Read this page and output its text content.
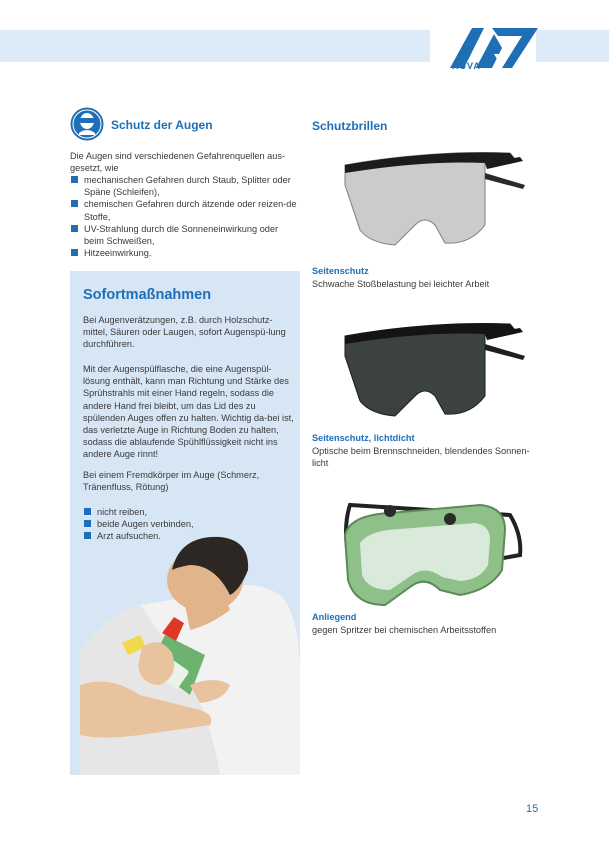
AUVA
Schutz der Augen
Die Augen sind verschiedenen Gefahrenquellen aus-gesetzt, wie
mechanischen Gefahren durch Staub, Splitter oder Späne (Schleifen),
chemischen Gefahren durch ätzende oder reizen-de Stoffe,
UV-Strahlung durch die Sonneneinwirkung oder beim Schweißen,
Hitzeeinwirkung.
Sofortmaßnahmen
Bei Augenverätzungen, z.B. durch Holzschutz-mittel, Säuren oder Laugen, sofort Augenspü-lung durchführen.
Mit der Augenspülflasche, die eine Augenspül-lösung enthält, kann man Richtung und Stärke des Sprühstrahls mit einer Hand regeln, sodass die andere Hand frei bleibt, um das Lid des zu spülenden Auges offen zu halten. Wichtig da-bei ist, das verletzte Auge in Richtung Boden zu halten, sodass die ablaufende Spühlflüssigkeit nicht ins andere Auge rinnt!
Bei einem Fremdkörper im Auge (Schmerz, Tränenfluss, Rötung)
nicht reiben,
beide Augen verbinden,
Arzt aufsuchen.
Schutzbrillen
Seitenschutz
Schwache Stoßbelastung bei leichter Arbeit
Seitenschutz, lichtdicht
Optische beim Brennschneiden, blendendes Sonnen-licht
Anliegend
gegen Spritzer bei chemischen Arbeitsstoffen
15
